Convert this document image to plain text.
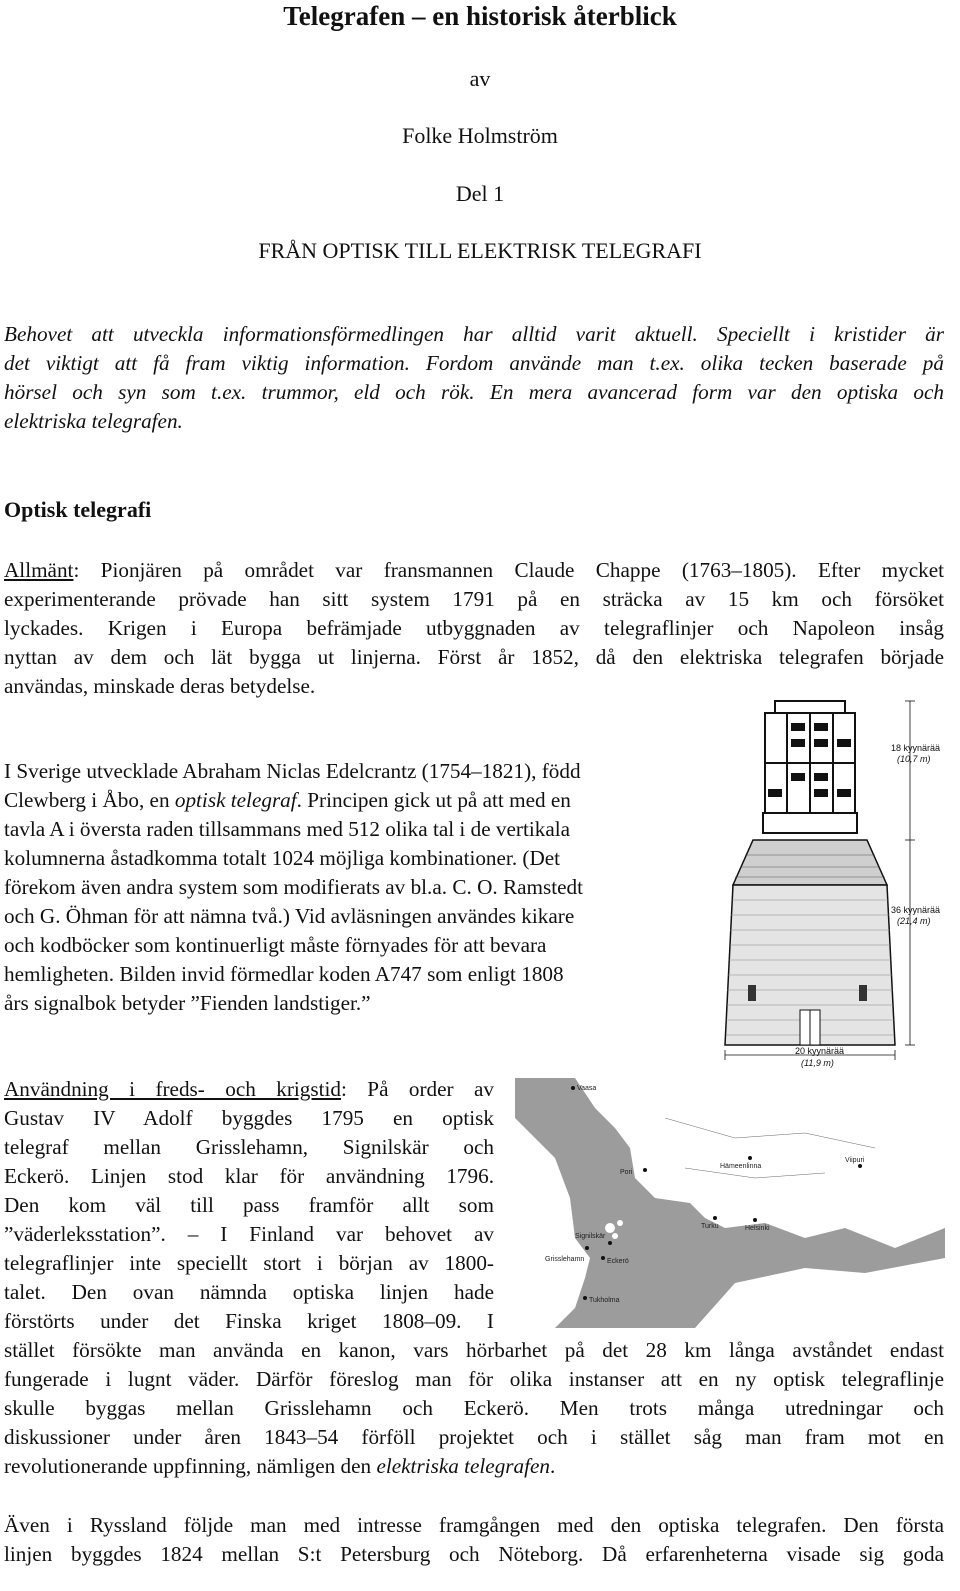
Telegrafen – en historisk återblick
av
Folke Holmström
Del 1
FRÅN OPTISK TILL ELEKTRISK TELEGRAFI
Behovet att utveckla informationsförmedlingen har alltid varit aktuell. Speciellt i kristider är
det viktigt att få fram viktig information. Fordom använde man t.ex. olika tecken baserade på
hörsel och syn som t.ex. trummor, eld och rök. En mera avancerad form var den optiska och
elektriska telegrafen.
Optisk telegrafi
Allmänt: Pionjären på området var fransmannen Claude Chappe (1763–1805). Efter mycket
experimenterande prövade han sitt system 1791 på en sträcka av 15 km och försöket
lyckades. Krigen i Europa befrämjade utbyggnaden av telegraflinjer och Napoleon insåg
nyttan av dem och lät bygga ut linjerna. Först år 1852, då den elektriska telegrafen började
användas, minskade deras betydelse.
I Sverige utvecklade Abraham Niclas Edelcrantz (1754–1821), född
Clewberg i Åbo, en optisk telegraf. Principen gick ut på att med en
tavla A i översta raden tillsammans med 512 olika tal i de vertikala
kolumnerna åstadkomma totalt 1024 möjliga kombinationer. (Det
förekom även andra system som modifierats av bl.a. C. O. Ramstedt
och G. Öhman för att nämna två.) Vid avläsningen användes kikare
och kodböcker som kontinuerligt måste förnyades för att bevara
hemligheten. Bilden invid förmedlar koden A747 som enligt 1808
års signalbok betyder ”Fienden landstiger.”
18 kyynärää
(10,7 m)
36 kyynärää
(21,4 m)
20 kyynärää
(11,9 m)
Användning i freds- och krigstid: På order av
Gustav IV Adolf byggdes 1795 en optisk
telegraf mellan Grisslehamn, Signilskär och
Eckerö. Linjen stod klar för användning 1796.
Den kom väl till pass framför allt som
”väderleksstation”. – I Finland var behovet av
telegraflinjer inte speciellt stort i början av 1800-
talet. Den ovan nämnda optiska linjen hade
förstörts under det Finska kriget 1808–09. I
Vaasa
Pori
Hämeenlinna
Viipuri
Turku	Helsinki
Grisslehamn
Signilskär
Eckerö
Tukholma
stället försökte man använda en kanon, vars hörbarhet på det 28 km långa avståndet endast
fungerade i lugnt väder. Därför föreslog man för olika instanser att en ny optisk telegraflinje
skulle byggas mellan Grisslehamn och Eckerö. Men trots många utredningar och
diskussioner under åren 1843–54 förföll projektet och i stället såg man fram mot en
revolutionerande uppfinning, nämligen den elektriska telegrafen.
Även i Ryssland följde man med intresse framgången med den optiska telegrafen. Den första
linjen byggdes 1824 mellan S:t Petersburg och Nöteborg. Då erfarenheterna visade sig goda
